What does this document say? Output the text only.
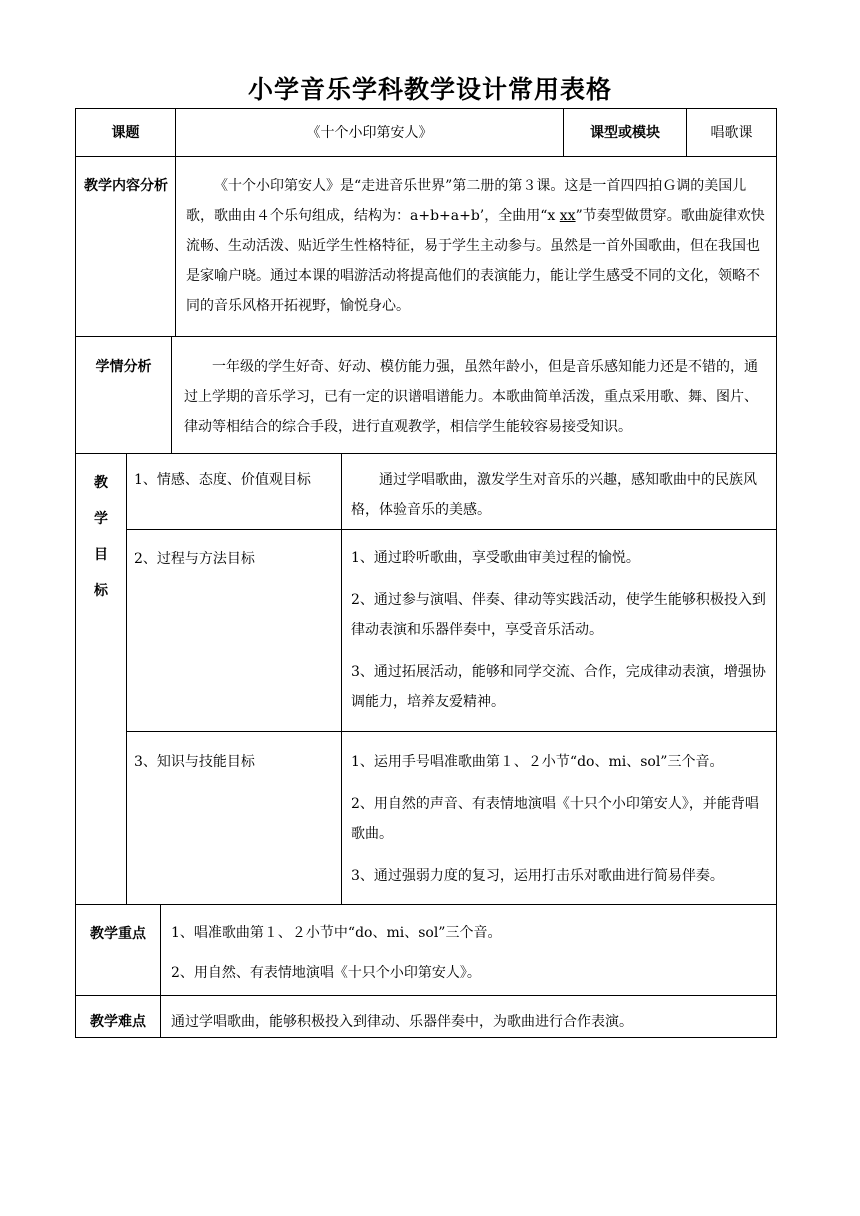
小学音乐学科教学设计常用表格
课题	《十个小印第安人》	课型或模块	唱歌课
教学内容分析	《十个小印第安人》是“走进音乐世界”第二册的第３课。这是一首四四拍Ｇ调的美国儿歌，歌曲由４个乐句组成，结构为：a+b+a+b’，全曲用“x xx”节奏型做贯穿。歌曲旋律欢快流畅、生动活泼、贴近学生性格特征，易于学生主动参与。虽然是一首外国歌曲，但在我国也是家喻户晓。通过本课的唱游活动将提高他们的表演能力，能让学生感受不同的文化，领略不同的音乐风格开拓视野，愉悦身心。
学情分析	一年级的学生好奇、好动、模仿能力强，虽然年龄小，但是音乐感知能力还是不错的，通过上学期的音乐学习，已有一定的识谱唱谱能力。本歌曲简单活泼，重点采用歌、舞、图片、律动等相结合的综合手段，进行直观教学，相信学生能较容易接受知识。
教
学
目
标
1、情感、态度、价值观目标	通过学唱歌曲，激发学生对音乐的兴趣，感知歌曲中的民族风格，体验音乐的美感。
2、过程与方法目标	1、通过聆听歌曲，享受歌曲审美过程的愉悦。

2、通过参与演唱、伴奏、律动等实践活动，使学生能够积极投入到律动表演和乐器伴奏中，享受音乐活动。

3、通过拓展活动，能够和同学交流、合作，完成律动表演，增强协调能力，培养友爱精神。

3、知识与技能目标	1、运用手号唱准歌曲第１、２小节“do、mi、sol”三个音。

2、用自然的声音、有表情地演唱《十只个小印第安人》，并能背唱歌曲。

3、通过强弱力度的复习，运用打击乐对歌曲进行简易伴奏。

教学重点	1、唱准歌曲第１、２小节中“do、mi、sol”三个音。

2、用自然、有表情地演唱《十只个小印第安人》。

教学难点	通过学唱歌曲，能够积极投入到律动、乐器伴奏中，为歌曲进行合作表演。
